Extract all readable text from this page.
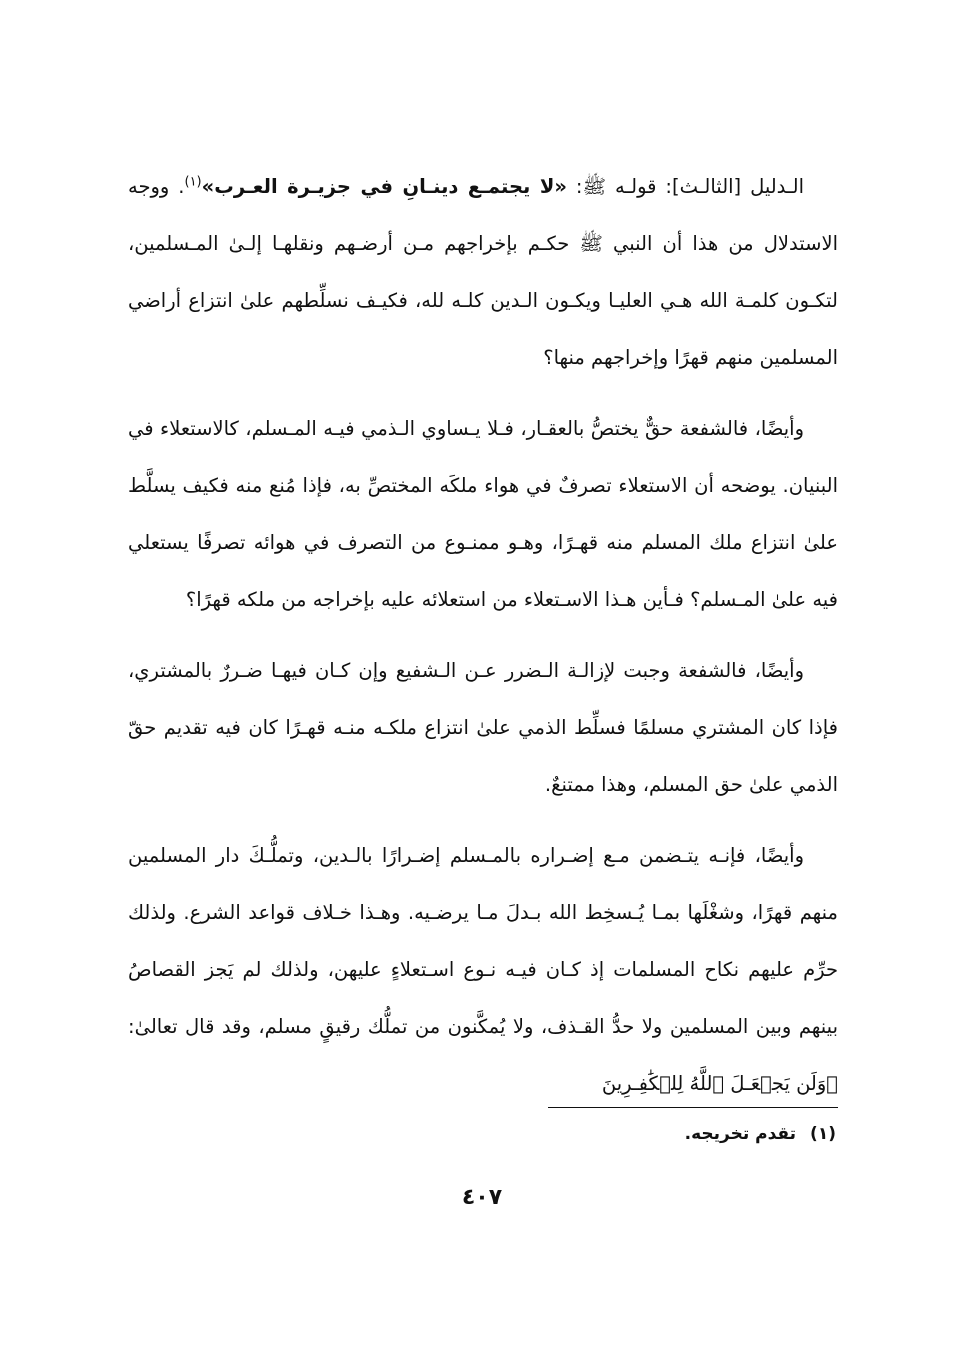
الـدليل [الثالـث]: قولـه ﷺ: «لا يجتمـع دينـانِ في جزيـرة العـرب»$^{(١)}$. ووجه الاستدلال من هذا أن النبي ﷺ حكـم بإخراجهم مـن أرضـهم ونقلهـا إلـىٰ المـسلمين، لتكـون كلمـة الله هـي العليـا ويكـون الـدين كلـه لله، فكيـف نسلِّطهم علىٰ انتزاع أراضي المسلمين منهم قهرًا وإخراجهم منها؟

وأيضًا، فالشفعة حقٌّ يختصُّ بالعقـار، فـلا يـساوي الـذمي فيـه المـسلم، كالاستعلاء في البنيان. يوضحه أن الاستعلاء تصرفٌ في هواء ملكَه المختصِّ به، فإذا مُنع منه فكيف يسلَّط علىٰ انتزاع ملك المسلم منه قهـرًا، وهـو ممنـوع من التصرف في هوائه تصرفًا يستعلي فيه علىٰ المـسلم؟ فـأين هـذا الاسـتعلاء من استعلائه عليه بإخراجه من ملكه قهرًا؟

وأيضًا، فالشفعة وجبت لإزالـة الـضرر عـن الـشفيع وإن كـان فيهـا ضـررٌ بالمشتري، فإذا كان المشتري مسلمًا فسلِّط الذمي علىٰ انتزاع ملكـه منـه قهـرًا كان فيه تقديم حقّ الذمي علىٰ حق المسلم، وهذا ممتنعٌ.

وأيضًا، فإنـه يتـضمن مـع إضـراره بالمـسلم إضـرارًا بالـدين، وتملُّـكَ دار المسلمين منهم قهرًا، وشغْلَها بمـا يُـسخِط الله بـدلَ مـا يرضـيه. وهـذا خـلاف قواعد الشرع. ولذلك حرِّم عليهم نكاح المسلمات إذ كـان فيـه نـوع اسـتعلاءٍ عليهن، ولذلك لم يَجز القصاصُ بينهم وبين المسلمين ولا حدُّ القـذف، ولا يُمكَّنون من تملُّك رقيقٍ مسلم، وقد قال تعالىٰ: ﴿وَلَن يَجۡعَـلَ ٱللَّهُ لِلۡكَٰفِـرِينَ

(١)تقدم تخريجه.
٤٠٧
